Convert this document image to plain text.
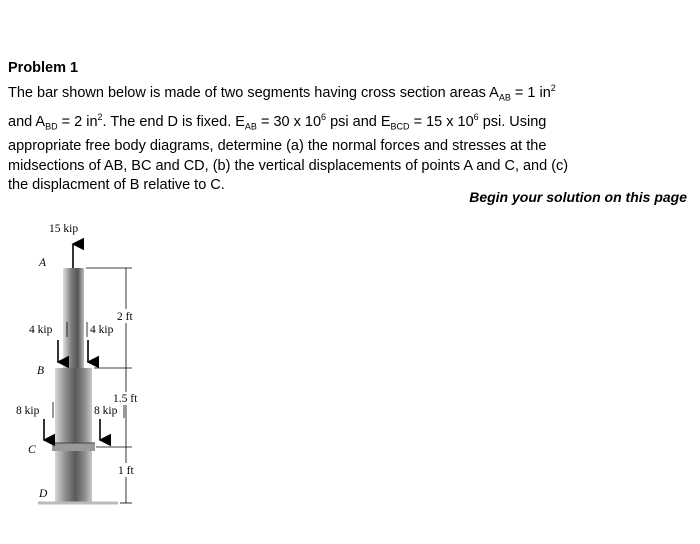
Problem 1
The bar shown below is made of two segments having cross section areas $A_{AB} = 1$ $in^2$
and $A_{BD} = 2$ $in^2$. The end D is fixed. $E_{AB} = 30$ x $10^6$ psi and $E_{BCD} = 15$ x $10^6$ psi. Using
appropriate free body diagrams, determine (a) the normal forces and stresses at the
midsections of AB, BC and CD, (b) the vertical displacements of points A and C, and (c)
the displacment of B relative to C.
Begin your solution on this page
15 kip
A
4 kip	4 kip
B
8 kip	8 kip
C
D
2 ft
1.5 ft
1 ft
